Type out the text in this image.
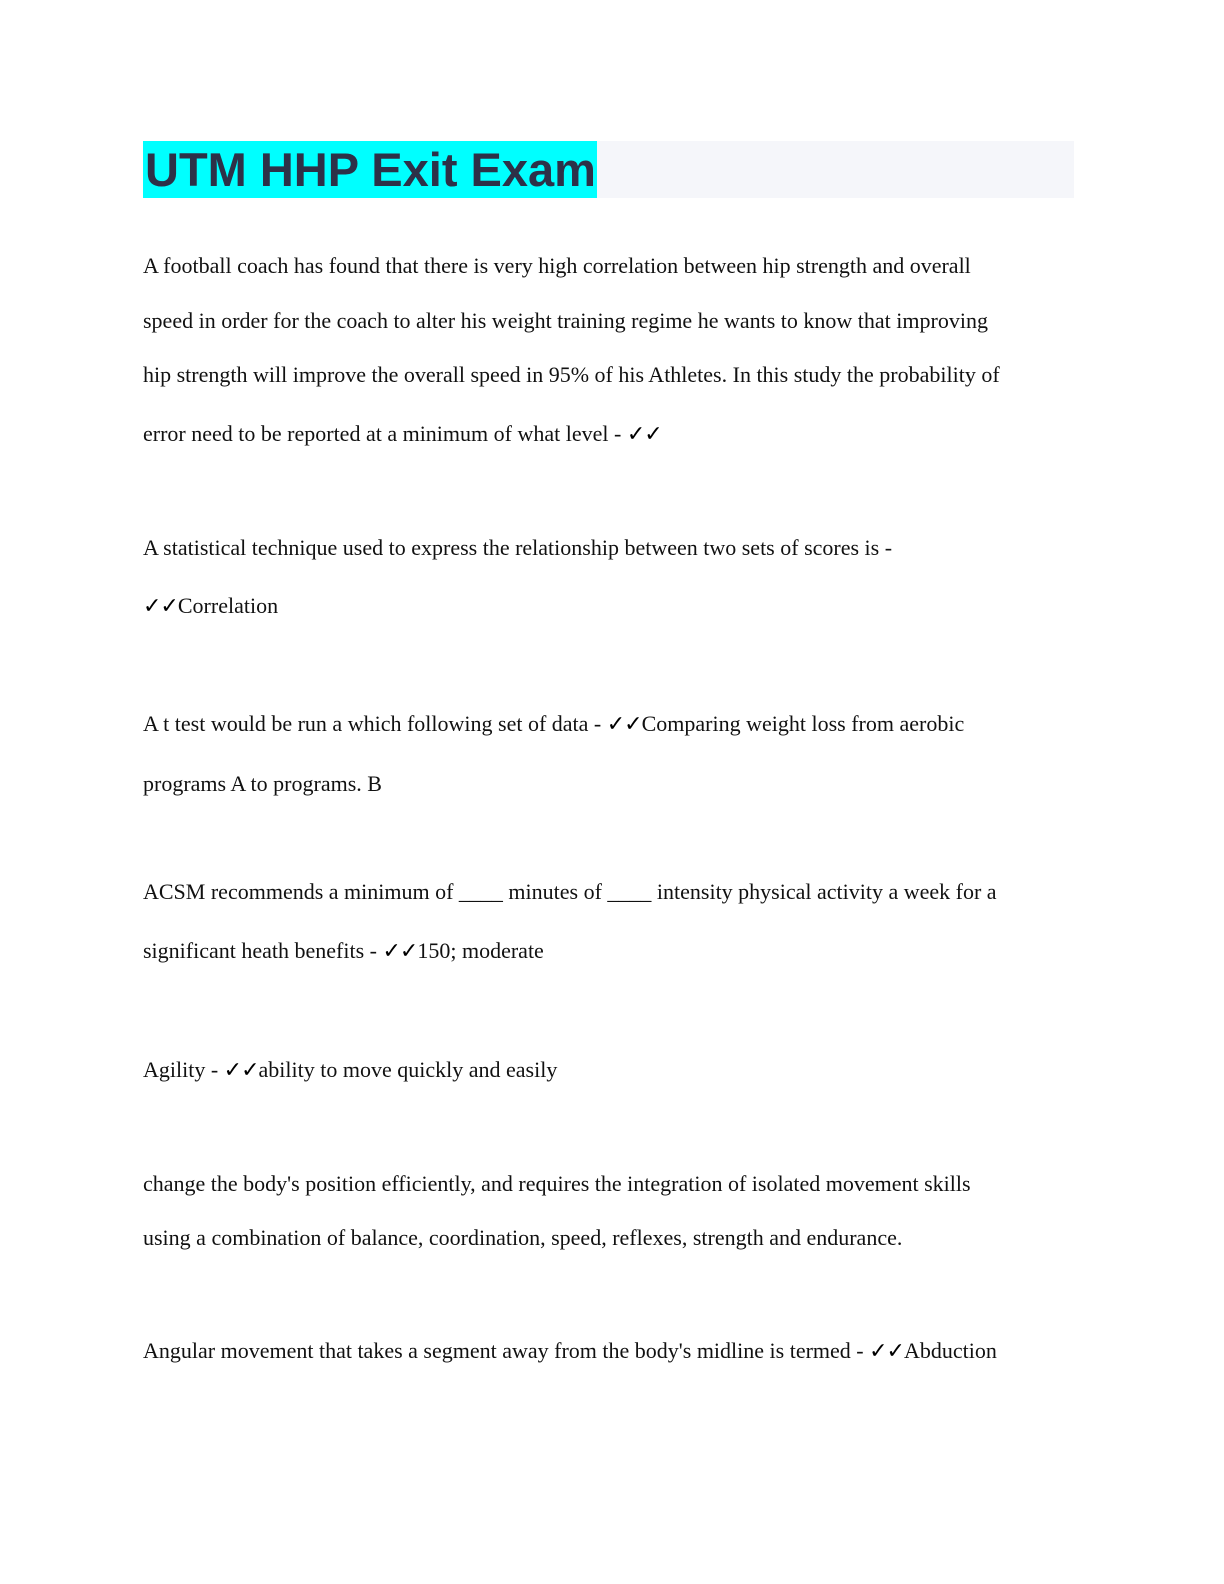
UTM HHP Exit Exam

A football coach has found that there is very high correlation between hip strength and overall

speed in order for the coach to alter his weight training regime he wants to know that improving

hip strength will improve the overall speed in 95% of his Athletes. In this study the probability of

error need to be reported at a minimum of what level - ✓✓

A statistical technique used to express the relationship between two sets of scores is -

✓✓Correlation

A t test would be run a which following set of data - ✓✓Comparing weight loss from aerobic

programs A to programs. B

ACSM recommends a minimum of ____ minutes of ____ intensity physical activity a week for a

significant heath benefits - ✓✓150; moderate

Agility - ✓✓ability to move quickly and easily

change the body's position efficiently, and requires the integration of isolated movement skills

using a combination of balance, coordination, speed, reflexes, strength and endurance.

Angular movement that takes a segment away from the body's midline is termed - ✓✓Abduction
